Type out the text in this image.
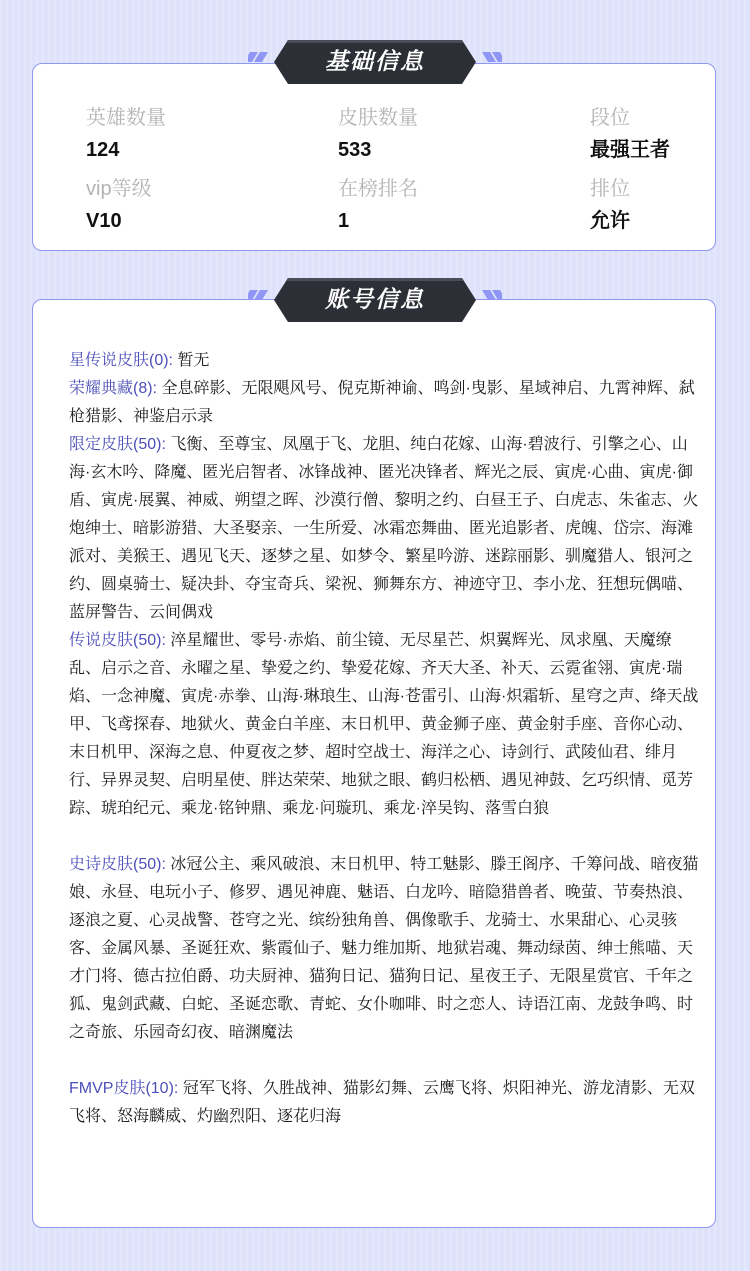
英雄数量
124
皮肤数量
533
段位
最强王者
vip等级
V10
在榜排名
1
排位
允许
基础信息
星传说皮肤(0): 暂无
荣耀典藏(8): 全息碎影、无限飓风号、倪克斯神谕、鸣剑·曳影、星域神启、九霄神辉、弑枪猎影、神鉴启示录
限定皮肤(50): 飞衡、至尊宝、凤凰于飞、龙胆、纯白花嫁、山海·碧波行、引擎之心、山海·玄木吟、降魔、匿光启智者、冰锋战神、匿光决锋者、辉光之辰、寅虎·心曲、寅虎·御盾、寅虎·展翼、神威、朔望之晖、沙漠行僧、黎明之约、白昼王子、白虎志、朱雀志、火炮绅士、暗影游猎、大圣娶亲、一生所爱、冰霜恋舞曲、匿光追影者、虎魄、岱宗、海滩派对、美猴王、遇见飞天、逐梦之星、如梦令、繁星吟游、迷踪丽影、驯魔猎人、银河之约、圆桌骑士、疑决卦、夺宝奇兵、梁祝、狮舞东方、神迹守卫、李小龙、狂想玩偶喵、蓝屏警告、云间偶戏
传说皮肤(50): 淬星耀世、零号·赤焰、前尘镜、无尽星芒、炽翼辉光、凤求凰、天魔缭乱、启示之音、永曜之星、挚爱之约、挚爱花嫁、齐天大圣、补天、云霓雀翎、寅虎·瑞焰、一念神魔、寅虎·赤拳、山海·琳琅生、山海·苍雷引、山海·炽霜斩、星穹之声、绛天战甲、飞鸢探春、地狱火、黄金白羊座、末日机甲、黄金狮子座、黄金射手座、音你心动、末日机甲、深海之息、仲夏夜之梦、超时空战士、海洋之心、诗剑行、武陵仙君、绯月行、异界灵契、启明星使、胖达荣荣、地狱之眼、鹤归松栖、遇见神鼓、乞巧织情、觅芳踪、琥珀纪元、乘龙·铭钟鼎、乘龙·问璇玑、乘龙·淬吴钩、落雪白狼
史诗皮肤(50): 冰冠公主、乘风破浪、末日机甲、特工魅影、滕王阁序、千筹问战、暗夜猫娘、永昼、电玩小子、修罗、遇见神鹿、魅语、白龙吟、暗隐猎兽者、晚萤、节奏热浪、逐浪之夏、心灵战警、苍穹之光、缤纷独角兽、偶像歌手、龙骑士、水果甜心、心灵骇客、金属风暴、圣诞狂欢、紫霞仙子、魅力维加斯、地狱岩魂、舞动绿茵、绅士熊喵、天才门将、德古拉伯爵、功夫厨神、猫狗日记、猫狗日记、星夜王子、无限星赏官、千年之狐、鬼剑武藏、白蛇、圣诞恋歌、青蛇、女仆咖啡、时之恋人、诗语江南、龙鼓争鸣、时之奇旅、乐园奇幻夜、暗渊魔法
FMVP皮肤(10): 冠军飞将、久胜战神、猫影幻舞、云鹰飞将、炽阳神光、游龙清影、无双飞将、怒海麟威、灼幽烈阳、逐花归海
账号信息
